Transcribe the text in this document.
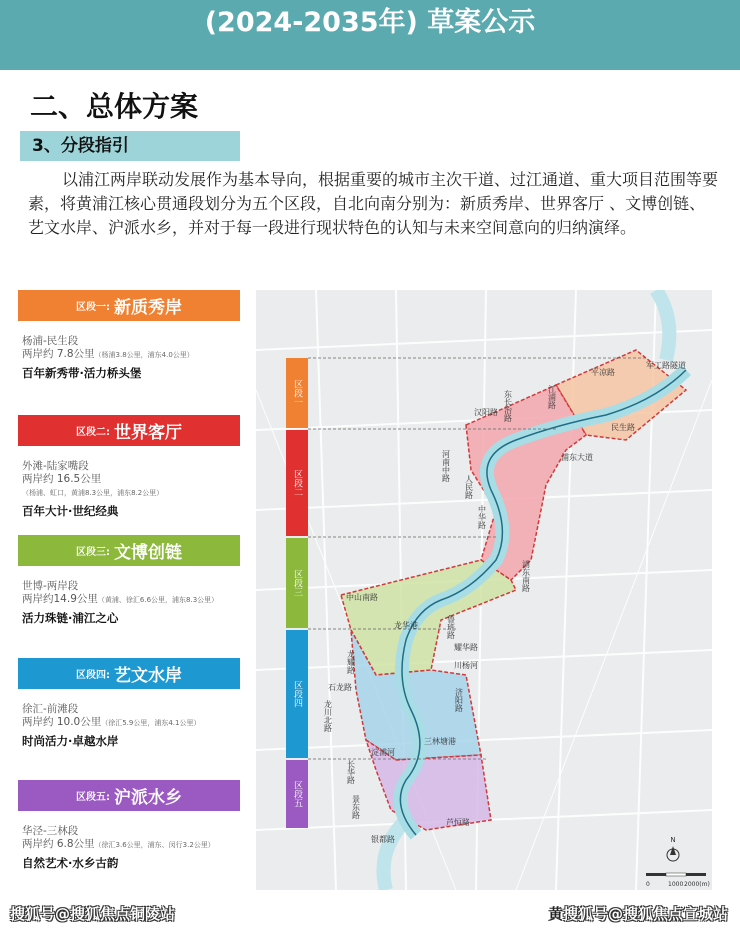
(2024-2035年) 草案公示
二、总体方案
3、分段指引
以浦江两岸联动发展作为基本导向，根据重要的城市主次干道、过江通道、重大项目范围等要素，将黄浦江核心贯通段划分为五个区段，自北向南分别为：新质秀岸、世界客厅 、文博创链、艺文水岸、沪派水乡，并对于每一段进行现状特色的认知与未来空间意向的归纳演绎。
区段一: 新质秀岸
杨浦-民生段
两岸约 7.8公里（杨浦3.8公里，浦东4.0公里）
百年新秀带·活力桥头堡
区段二: 世界客厅
外滩-陆家嘴段
两岸约 16.5公里（杨浦、虹口，黄浦8.3公里，浦东8.2公里）
百年大计·世纪经典
区段三: 文博创链
世博-两岸段
两岸约14.9公里（黄浦、徐汇6.6公里，浦东8.3公里）
活力珠链·浦江之心
区段四: 艺文水岸
徐汇-前滩段
两岸约 10.0公里（徐汇5.9公里，浦东4.1公里）
时尚活力·卓越水岸
区段五: 沪派水乡
华泾-三林段
两岸约 6.8公里（徐汇3.6公里，浦东、闵行3.2公里）
自然艺术·水乡古韵
区段一
区段二
区段三
区段四
区段五
军工路隧道
平凉路
江浦路
汉阳路 东长治路
河南中路
人民路
中华路
浦东南路
民生路
浦东大道
中山南路
鲁班路
龙华港
龙耀路
石龙路
龙川北路
耀华路
川杨河
济阳路
三林塘港
淀浦河
长华路
景东路
芦恒路
银都路	N
0	1000 2000(m)
搜狐号@搜狐焦点铜陵站	黄搜狐号@搜狐焦点宣城站
